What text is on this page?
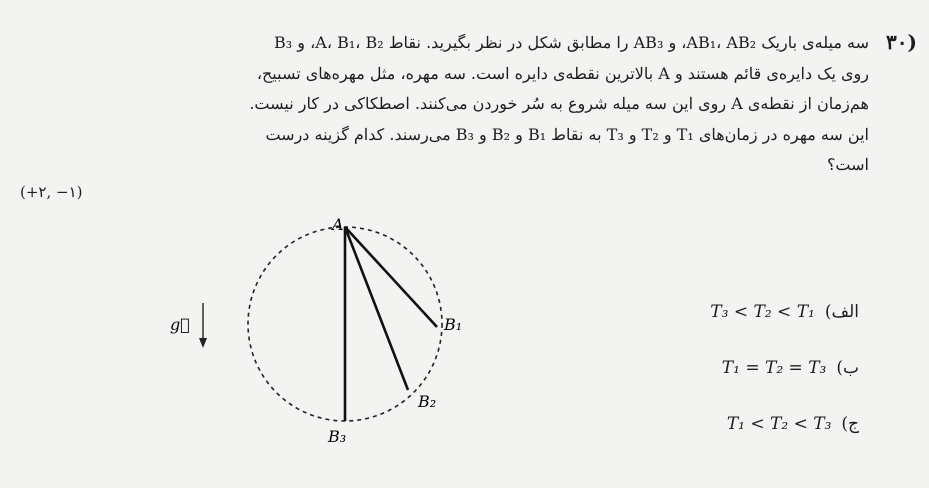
۳۰)

سه میله‌ی باریک AB₁، AB₂، و AB₃ را مطابق شکل در نظر بگیرید. نقاط A، B₁، B₂، و B₃

روی یک دایره‌ی قائم هستند و A بالاترین نقطه‌ی دایره است. سه مهره، مثل مهره‌های تسبیح،

هم‌زمان از نقطه‌ی A روی این سه میله شروع به سُر خوردن می‌کنند. اصطکاکی در کار نیست.

این سه مهره در زمان‌های T₁ و T₂ و T₃ به نقاط B₁ و B₂ و B₃ می‌رسند. کدام گزینه درست

است؟

(+۲, −۱)
A
B₁
B₂
B₃
g⃗
الف)T₃ < T₂ < T₁
ب)T₁ = T₂ = T₃
ج)T₁ < T₂ < T₃
